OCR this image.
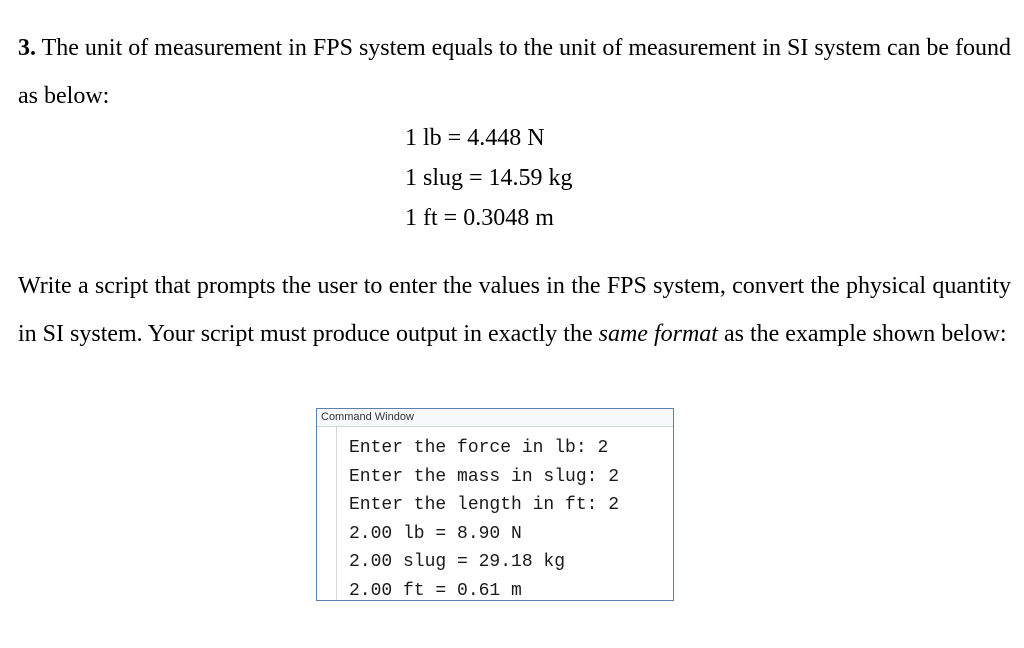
3. The unit of measurement in FPS system equals to the unit of measurement in SI system can be found as below:
1 lb = 4.448 N
1 slug = 14.59 kg
1 ft = 0.3048 m
Write a script that prompts the user to enter the values in the FPS system, convert the physical quantity in SI system. Your script must produce output in exactly the same format as the example shown below:
Command Window
Enter the force in lb: 2
Enter the mass in slug: 2
Enter the length in ft: 2
2.00 lb = 8.90 N
2.00 slug = 29.18 kg
2.00 ft = 0.61 m
